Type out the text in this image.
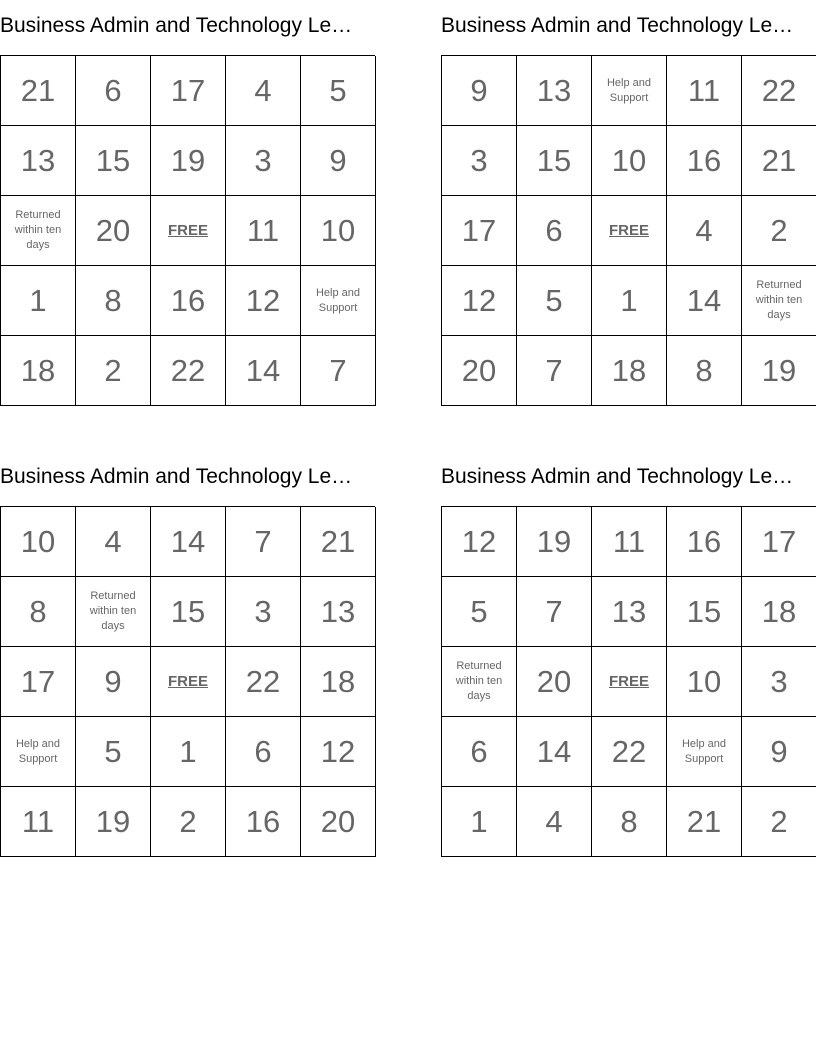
Business Admin and Technology Le…
21	6	17	4	5
13	15	19	3	9
Returned within ten days	20	FREE	11	10
1	8	16	12	Help and Support
18	2	22	14	7
Business Admin and Technology Le…
9	13	Help and Support	11	22
3	15	10	16	21
17	6	FREE	4	2
12	5	1	14	Returned within ten days
20	7	18	8	19
Business Admin and Technology Le…
10	4	14	7	21
8	Returned within ten days	15	3	13
17	9	FREE	22	18
Help and Support	5	1	6	12
11	19	2	16	20
Business Admin and Technology Le…
12	19	11	16	17
5	7	13	15	18
Returned within ten days	20	FREE	10	3
6	14	22	Help and Support	9
1	4	8	21	2
